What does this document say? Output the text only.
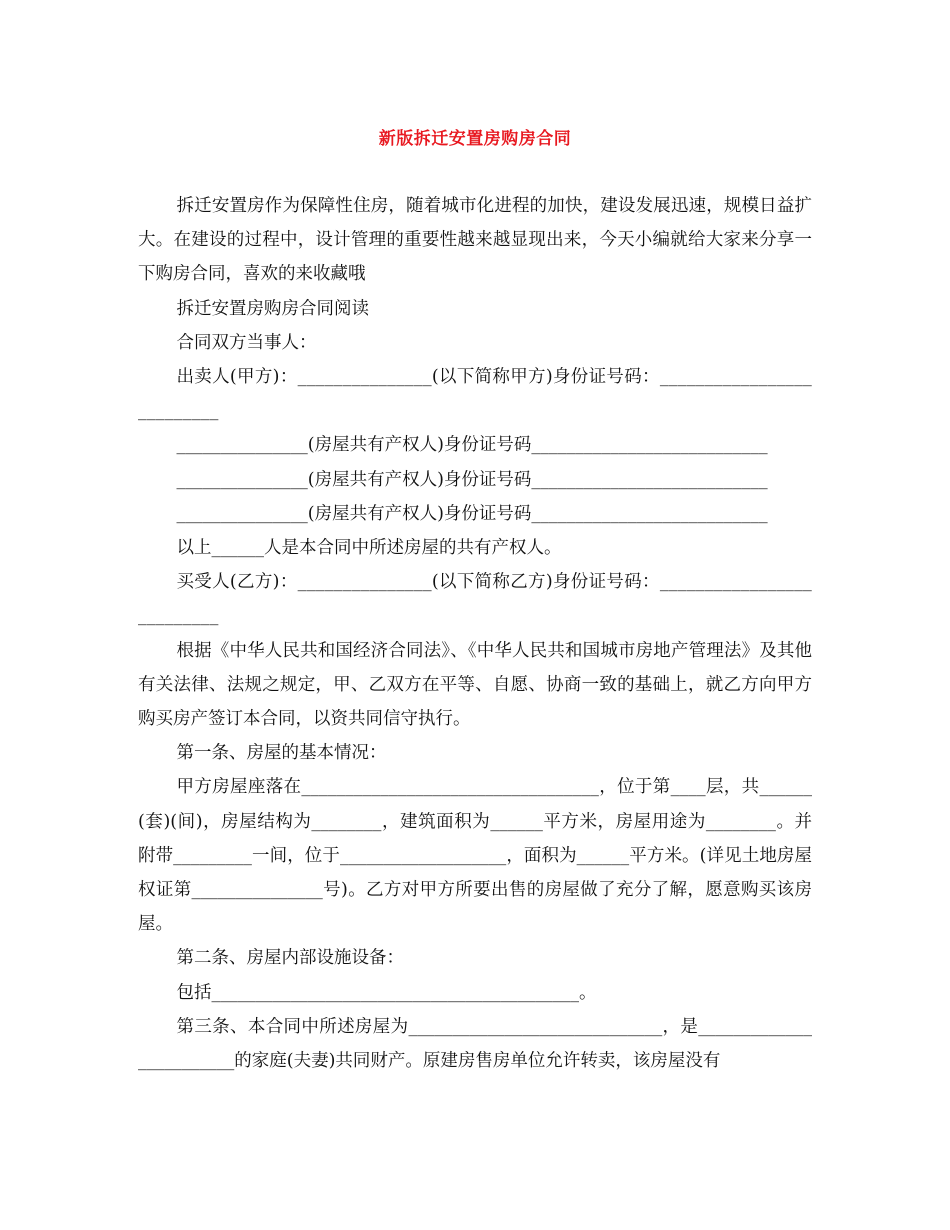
新版拆迁安置房购房合同

拆迁安置房作为保障性住房，随着城市化进程的加快，建设发展迅速，规模日益扩大。在建设的过程中，设计管理的重要性越来越显现出来，今天小编就给大家来分享一下购房合同，喜欢的来收藏哦

拆迁安置房购房合同阅读

合同双方当事人：

出卖人(甲方)：_______________(以下简称甲方)身份证号码：__________________________

_______________(房屋共有产权人)身份证号码___________________________

_______________(房屋共有产权人)身份证号码___________________________

_______________(房屋共有产权人)身份证号码___________________________

以上______人是本合同中所述房屋的共有产权人。

买受人(乙方)：_______________(以下简称乙方)身份证号码：__________________________

根据《中华人民共和国经济合同法》、《中华人民共和国城市房地产管理法》及其他有关法律、法规之规定，甲、乙双方在平等、自愿、协商一致的基础上，就乙方向甲方购买房产签订本合同，以资共同信守执行。

第一条、房屋的基本情况：

甲方房屋座落在__________________________________，位于第____层，共______(套)(间)，房屋结构为________，建筑面积为______平方米，房屋用途为________。并附带_________一间，位于___________________，面积为______平方米。(详见土地房屋权证第_______________号)。乙方对甲方所要出售的房屋做了充分了解，愿意购买该房屋。

第二条、房屋内部设施设备：

包括__________________________________________。

第三条、本合同中所述房屋为_____________________________，是________________________的家庭(夫妻)共同财产。原建房售房单位允许转卖，该房屋没有
